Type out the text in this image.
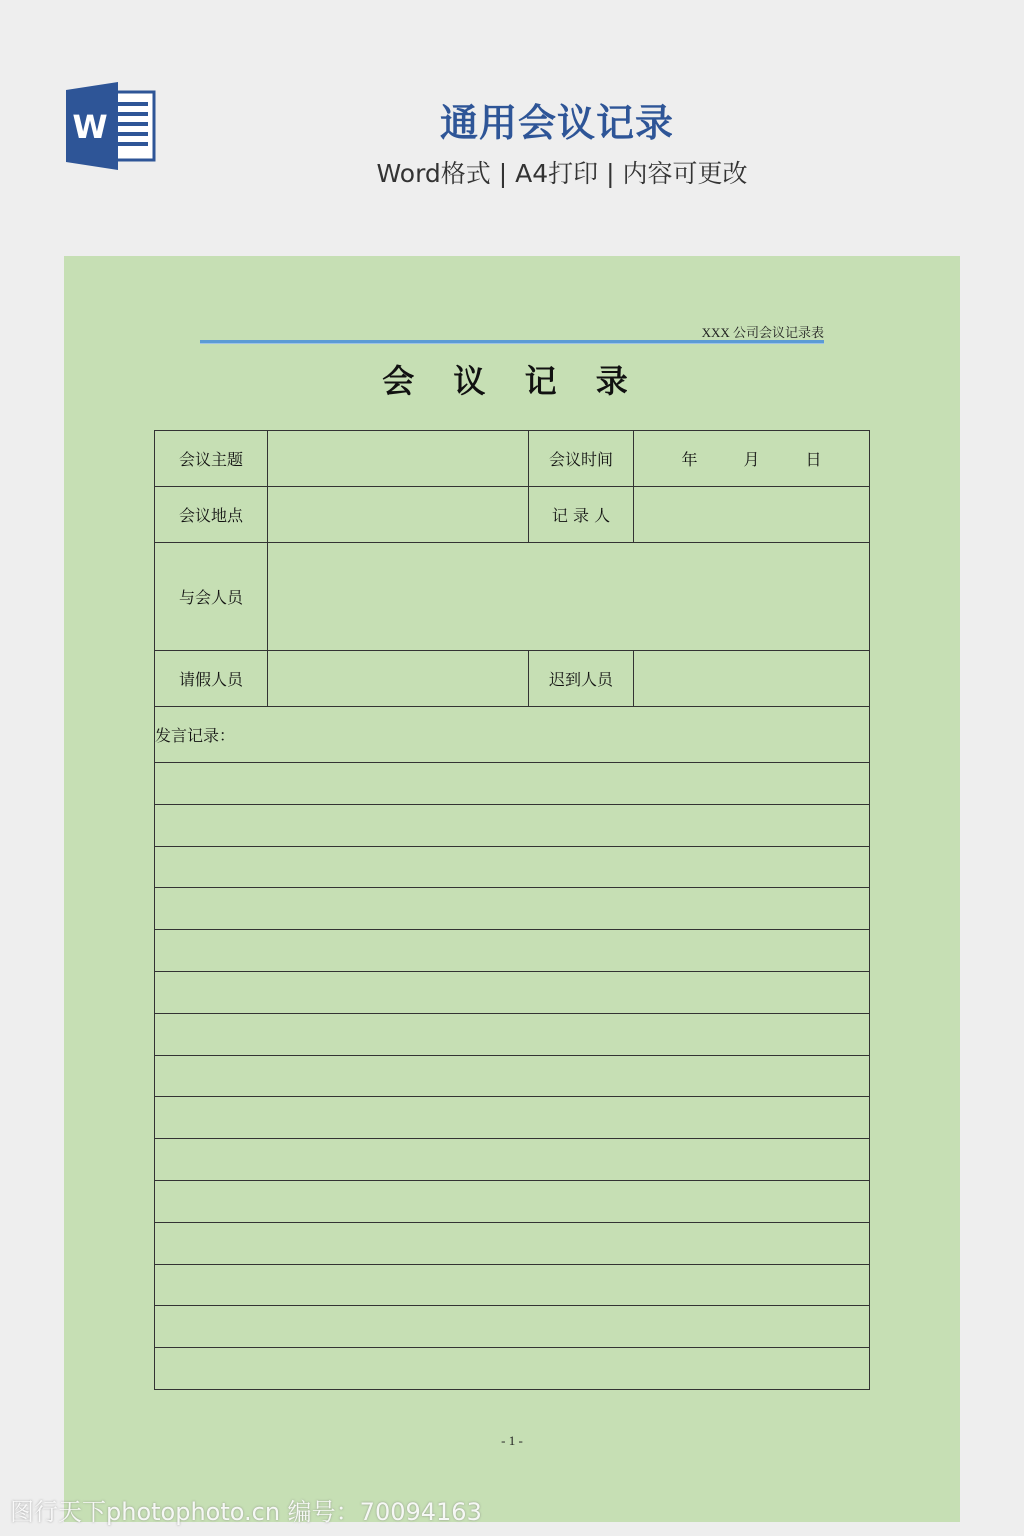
W	通用会议记录
Word格式 | A4打印 | 内容可更改
XXX 公司会议记录表
会 议 记 录
会议主题		会议时间	年 月 日
会议地点		记 录 人	
与会人员			
请假人员		迟到人员	
发言记录：			

- 1 -
图行天下photophoto.cn 编号：70094163
